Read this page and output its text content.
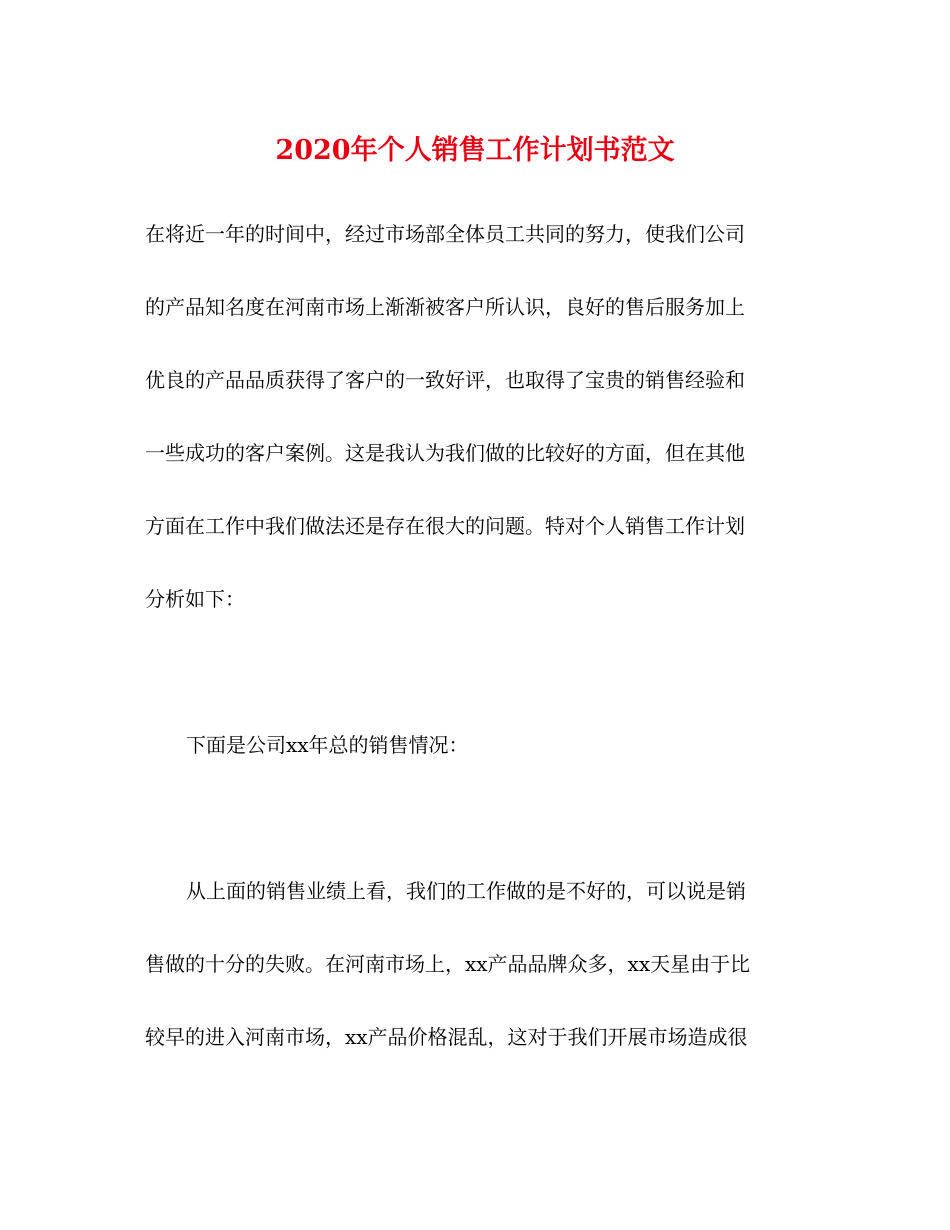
2020年个人销售工作计划书范文

在将近一年的时间中，经过市场部全体员工共同的努力，使我们公司

的产品知名度在河南市场上渐渐被客户所认识，良好的售后服务加上

优良的产品品质获得了客户的一致好评，也取得了宝贵的销售经验和

一些成功的客户案例。这是我认为我们做的比较好的方面，但在其他

方面在工作中我们做法还是存在很大的问题。特对个人销售工作计划

分析如下：

下面是公司xx年总的销售情况：

从上面的销售业绩上看，我们的工作做的是不好的，可以说是销

售做的十分的失败。在河南市场上，xx产品品牌众多，xx天星由于比

较早的进入河南市场，xx产品价格混乱，这对于我们开展市场造成很
